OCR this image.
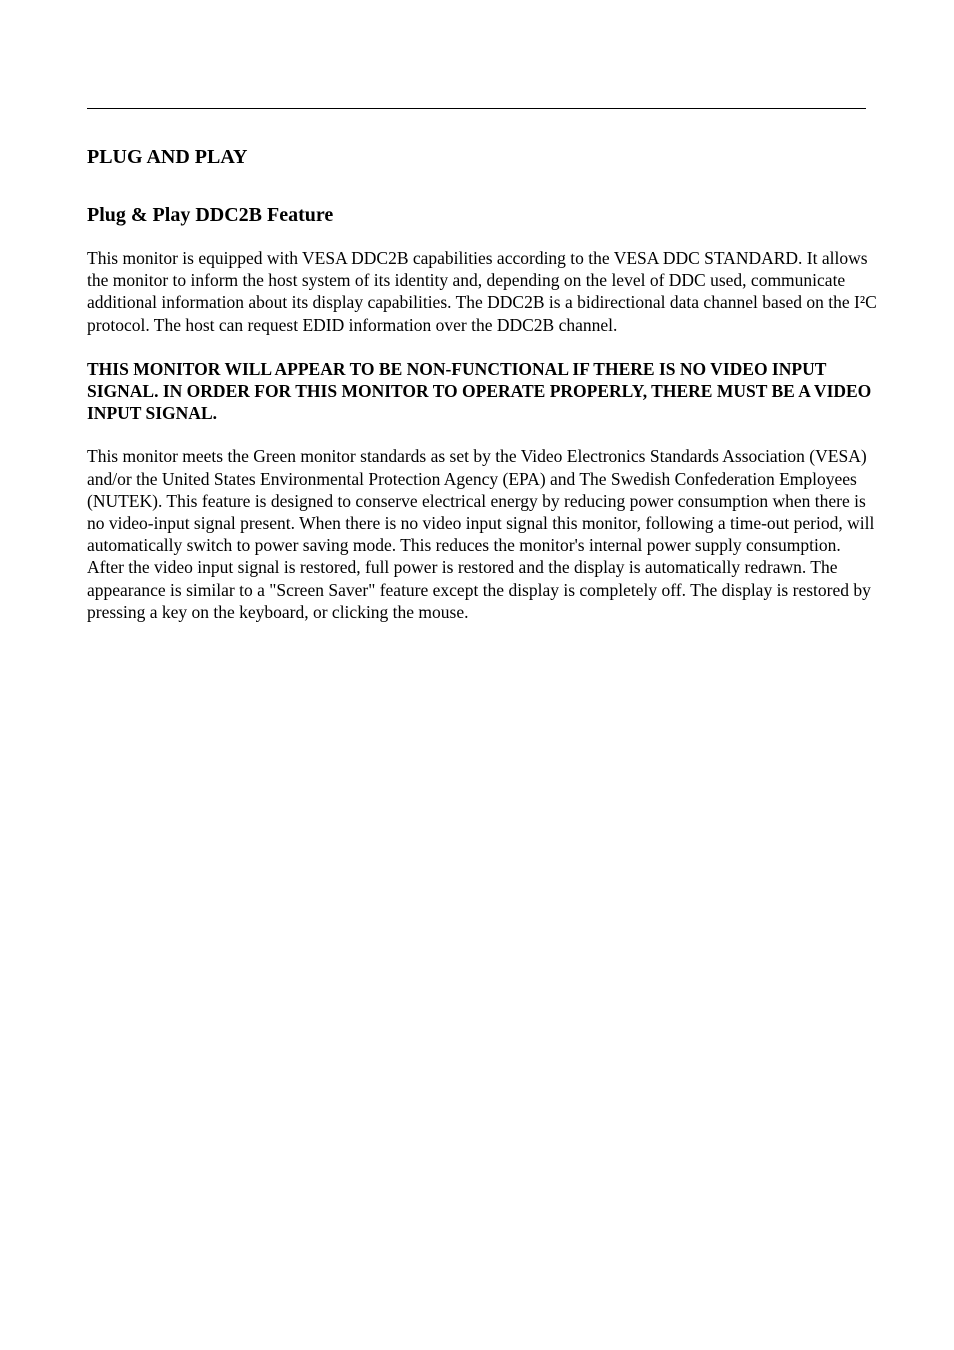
PLUG AND PLAY
Plug & Play DDC2B Feature

This monitor is equipped with VESA DDC2B capabilities according to the VESA DDC STANDARD. It allows the monitor to inform the host system of its identity and, depending on the level of DDC used, communicate additional information about its display capabilities. The DDC2B is a bidirectional data channel based on the I²C protocol. The host can request EDID information over the DDC2B channel.

THIS MONITOR WILL APPEAR TO BE NON-FUNCTIONAL IF THERE IS NO VIDEO INPUT SIGNAL. IN ORDER FOR THIS MONITOR TO OPERATE PROPERLY, THERE MUST BE A VIDEO INPUT SIGNAL.

This monitor meets the Green monitor standards as set by the Video Electronics Standards Association (VESA) and/or the United States Environmental Protection Agency (EPA) and The Swedish Confederation Employees (NUTEK). This feature is designed to conserve electrical energy by reducing power consumption when there is no video-input signal present. When there is no video input signal this monitor, following a time-out period, will automatically switch to power saving mode. This reduces the monitor's internal power supply consumption. After the video input signal is restored, full power is restored and the display is automatically redrawn. The appearance is similar to a "Screen Saver" feature except the display is completely off. The display is restored by pressing a key on the keyboard, or clicking the mouse.
